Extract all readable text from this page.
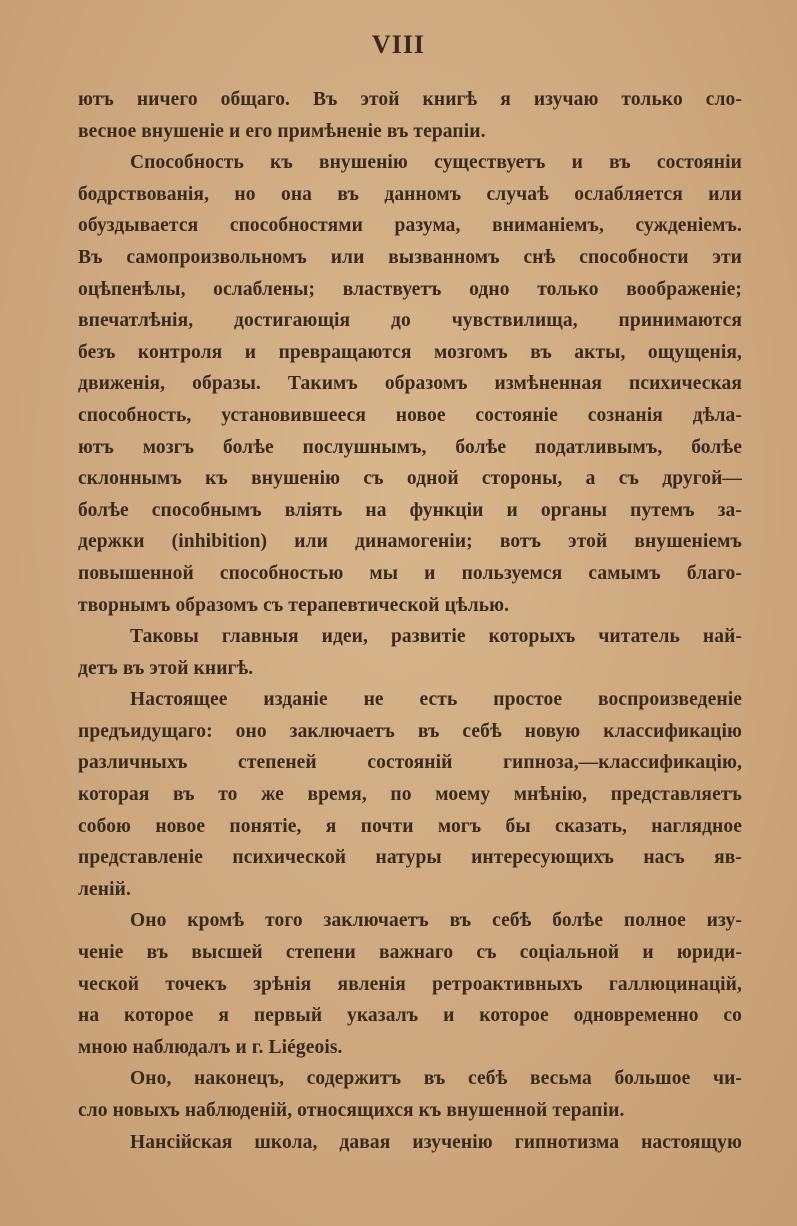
VIII
ютъ ничего общаго. Въ этой книгѣ я изучаю только сло-
весное внушенiе и его примѣненiе въ терапiи.
Способность къ внушенiю существуетъ и въ состоянiи
бодрствованiя, но она въ данномъ случаѣ ослабляется или
обуздывается способностями разума, вниманiемъ, сужденiемъ.
Въ самопроизвольномъ или вызванномъ снѣ способности эти
оцѣпенѣлы, ослаблены; властвуетъ одно только воображенiе;
впечатлѣнiя, достигающiя до чувствилища, принимаются
безъ контроля и превращаются мозгомъ въ акты, ощущенiя,
движенiя, образы. Такимъ образомъ измѣненная психическая
способность, установившееся новое состоянiе сознанiя дѣла-
ютъ мозгъ болѣе послушнымъ, болѣе податливымъ, болѣе
склоннымъ къ внушенiю съ одной стороны, а съ другой—
болѣе способнымъ влiять на функцiи и органы путемъ за-
держки (inhibition) или динамогенiи; вотъ этой внушенiемъ
повышенной способностью мы и пользуемся самымъ благо-
творнымъ образомъ съ терапевтической цѣлью.
Таковы главныя идеи, развитiе которыхъ читатель най-
детъ въ этой книгѣ.
Настоящее изданiе не есть простое воспроизведенiе
предъидущаго: оно заключаетъ въ себѣ новую классификацiю
различныхъ степеней состоянiй гипноза,—классификацiю,
которая въ то же время, по моему мнѣнiю, представляетъ
собою новое понятiе, я почти могъ бы сказать, наглядное
представленiе психической натуры интересующихъ насъ яв-
ленiй.
Оно кромѣ того заключаетъ въ себѣ болѣе полное изу-
ченiе въ высшей степени важнаго съ соцiальной и юриди-
ческой точекъ зрѣнiя явленiя ретроактивныхъ галлюцинацiй,
на которое я первый указалъ и которое одновременно со
мною наблюдалъ и г. Liégeois.
Оно, наконецъ, содержитъ въ себѣ весьма большое чи-
сло новыхъ наблюденiй, относящихся къ внушенной терапiи.
Нансiйская школа, давая изученiю гипнотизма настоящую
